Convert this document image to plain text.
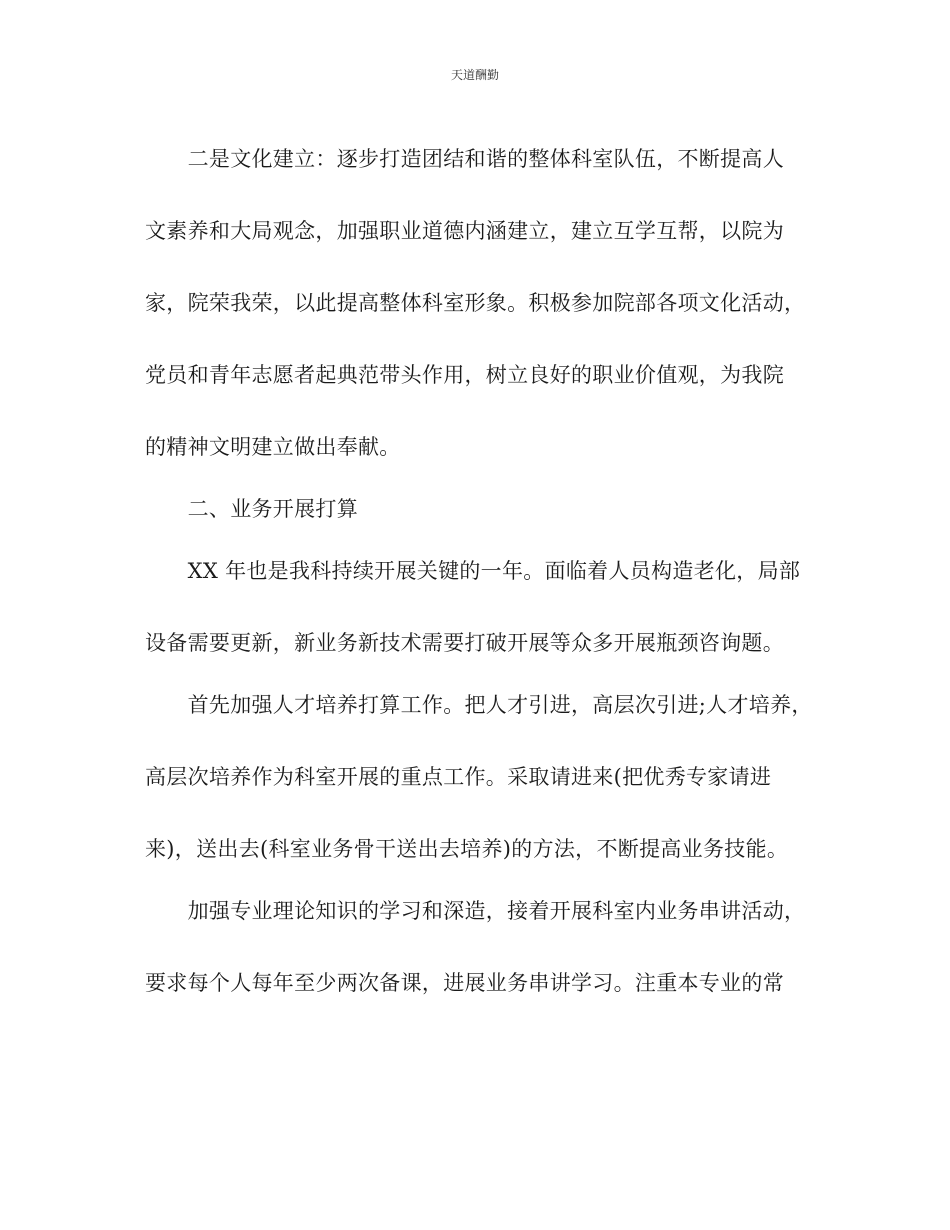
天道酬勤
　　二是文化建立：逐步打造团结和谐的整体科室队伍，不断提高人
文素养和大局观念，加强职业道德内涵建立，建立互学互帮，以院为
家，院荣我荣，以此提高整体科室形象。积极参加院部各项文化活动，
党员和青年志愿者起典范带头作用，树立良好的职业价值观，为我院
的精神文明建立做出奉献。
　　二、业务开展打算
　　XX 年也是我科持续开展关键的一年。面临着人员构造老化，局部
设备需要更新，新业务新技术需要打破开展等众多开展瓶颈咨询题。
　　首先加强人才培养打算工作。把人才引进，高层次引进;人才培养，
高层次培养作为科室开展的重点工作。采取请进来(把优秀专家请进
来)，送出去(科室业务骨干送出去培养)的方法，不断提高业务技能。
　　加强专业理论知识的学习和深造，接着开展科室内业务串讲活动，
要求每个人每年至少两次备课，进展业务串讲学习。注重本专业的常
